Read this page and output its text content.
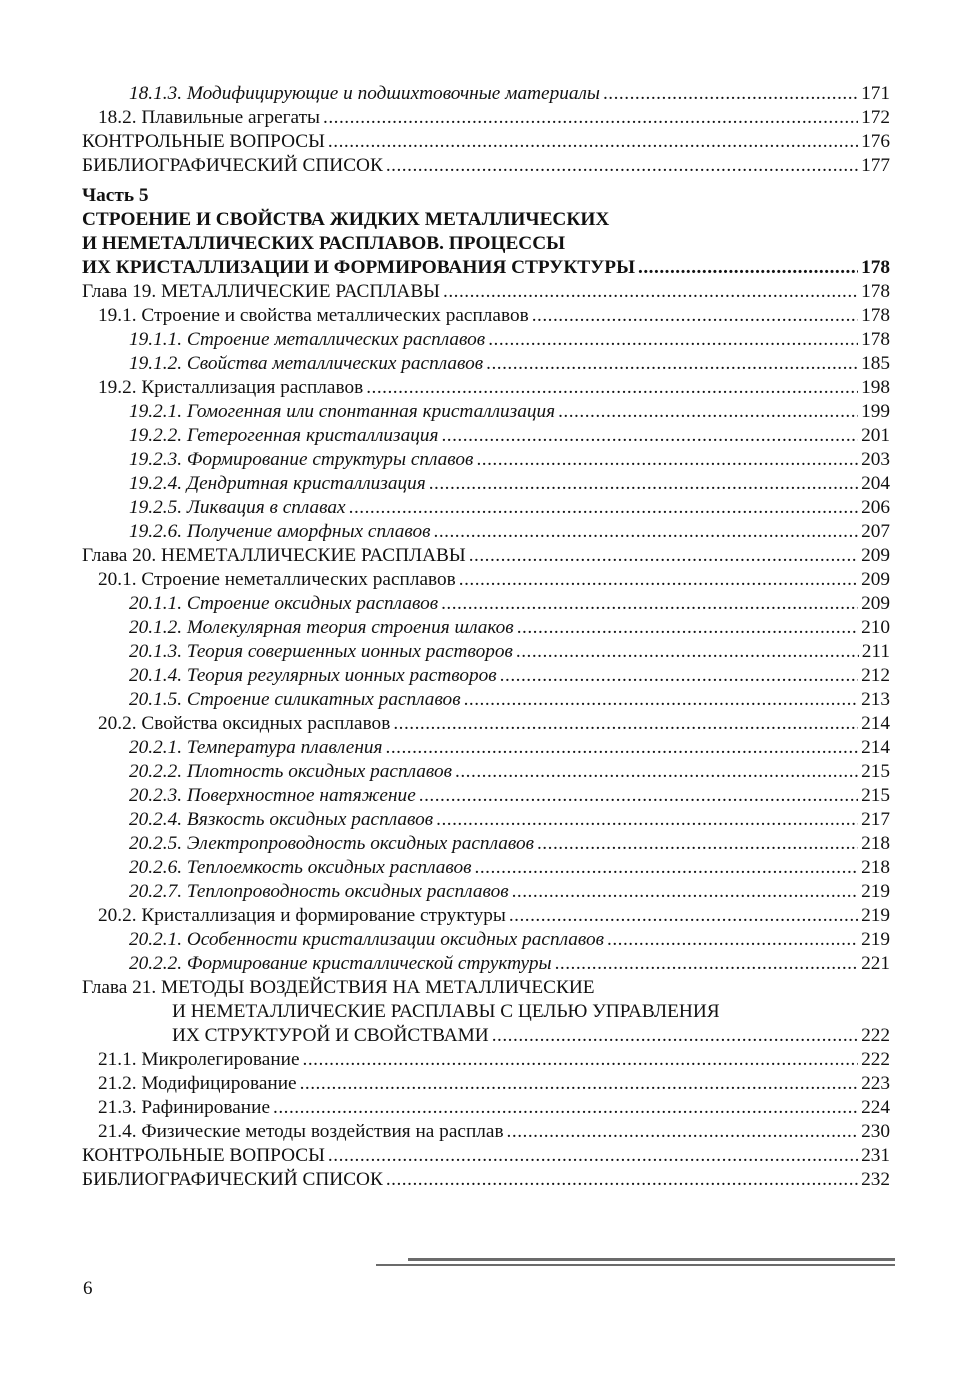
18.1.3. Модифицирующие и подшихтовочные материалы .....	171
18.2. Плавильные агрегаты .....	172
КОНТРОЛЬНЫЕ ВОПРОСЫ .....	176
БИБЛИОГРАФИЧЕСКИЙ СПИСОК .....	177
Часть 5
СТРОЕНИЕ И СВОЙСТВА ЖИДКИХ МЕТАЛЛИЧЕСКИХ
И НЕМЕТАЛЛИЧЕСКИХ РАСПЛАВОВ. ПРОЦЕССЫ
ИХ КРИСТАЛЛИЗАЦИИ И ФОРМИРОВАНИЯ СТРУКТУРЫ .....	178
Глава 19. МЕТАЛЛИЧЕСКИЕ РАСПЛАВЫ .....	178
19.1. Строение и свойства металлических расплавов .....	178
19.1.1. Строение металлических расплавов .....	178
19.1.2. Свойства металлических расплавов .....	185
19.2. Кристаллизация расплавов .....	198
19.2.1. Гомогенная или спонтанная кристаллизация .....	199
19.2.2. Гетерогенная кристаллизация .....	201
19.2.3. Формирование структуры сплавов .....	203
19.2.4. Дендритная кристаллизация .....	204
19.2.5. Ликвация в сплавах .....	206
19.2.6. Получение аморфных сплавов .....	207
Глава 20. НЕМЕТАЛЛИЧЕСКИЕ РАСПЛАВЫ .....	209
20.1. Строение неметаллических расплавов .....	209
20.1.1. Строение оксидных расплавов .....	209
20.1.2. Молекулярная теория строения шлаков .....	210
20.1.3. Теория совершенных ионных растворов .....	211
20.1.4. Теория регулярных ионных растворов .....	212
20.1.5. Строение силикатных расплавов .....	213
20.2. Свойства оксидных расплавов .....	214
20.2.1. Температура плавления .....	214
20.2.2. Плотность оксидных расплавов .....	215
20.2.3. Поверхностное натяжение .....	215
20.2.4. Вязкость оксидных расплавов .....	217
20.2.5. Электропроводность оксидных расплавов .....	218
20.2.6. Теплоемкость оксидных расплавов .....	218
20.2.7. Теплопроводность оксидных расплавов .....	219
20.2. Кристаллизация и формирование структуры .....	219
20.2.1. Особенности кристаллизации оксидных расплавов .....	219
20.2.2. Формирование кристаллической структуры .....	221
Глава 21. МЕТОДЫ ВОЗДЕЙСТВИЯ НА МЕТАЛЛИЧЕСКИЕ
И НЕМЕТАЛЛИЧЕСКИЕ РАСПЛАВЫ С ЦЕЛЬЮ УПРАВЛЕНИЯ
ИХ СТРУКТУРОЙ И СВОЙСТВАМИ .....	222
21.1. Микролегирование .....	222
21.2. Модифицирование .....	223
21.3. Рафинирование .....	224
21.4. Физические методы воздействия на расплав .....	230
КОНТРОЛЬНЫЕ ВОПРОСЫ .....	231
БИБЛИОГРАФИЧЕСКИЙ СПИСОК .....	232
6
